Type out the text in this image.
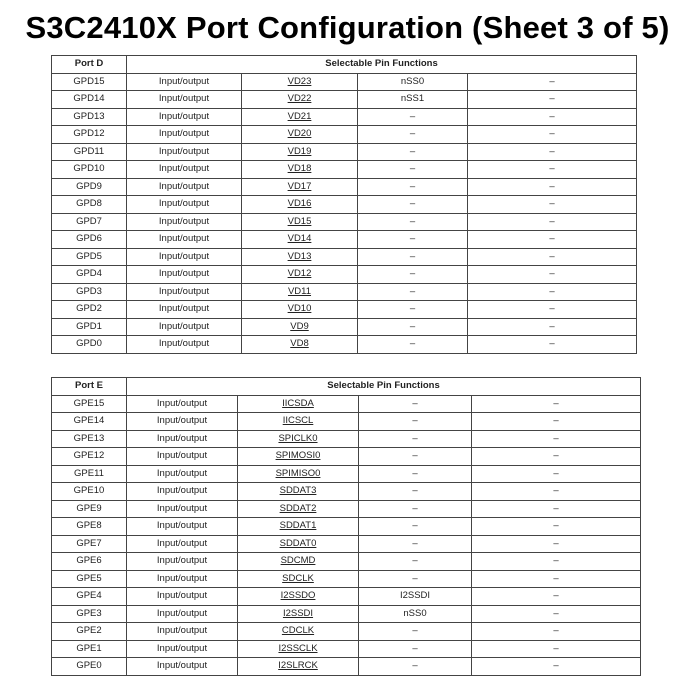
S3C2410X Port Configuration (Sheet 3 of 5)
Port D	Selectable Pin Functions			
GPD15	Input/output	VD23	nSS0	–
GPD14	Input/output	VD22	nSS1	–
GPD13	Input/output	VD21	–	–
GPD12	Input/output	VD20	–	–
GPD11	Input/output	VD19	–	–
GPD10	Input/output	VD18	–	–
GPD9	Input/output	VD17	–	–
GPD8	Input/output	VD16	–	–
GPD7	Input/output	VD15	–	–
GPD6	Input/output	VD14	–	–
GPD5	Input/output	VD13	–	–
GPD4	Input/output	VD12	–	–
GPD3	Input/output	VD11	–	–
GPD2	Input/output	VD10	–	–
GPD1	Input/output	VD9	–	–
GPD0	Input/output	VD8	–	–
Port E	Selectable Pin Functions			
GPE15	Input/output	IICSDA	–	–
GPE14	Input/output	IICSCL	–	–
GPE13	Input/output	SPICLK0	–	–
GPE12	Input/output	SPIMOSI0	–	–
GPE11	Input/output	SPIMISO0	–	–
GPE10	Input/output	SDDAT3	–	–
GPE9	Input/output	SDDAT2	–	–
GPE8	Input/output	SDDAT1	–	–
GPE7	Input/output	SDDAT0	–	–
GPE6	Input/output	SDCMD	–	–
GPE5	Input/output	SDCLK	–	–
GPE4	Input/output	I2SSDO	I2SSDI	–
GPE3	Input/output	I2SSDI	nSS0	–
GPE2	Input/output	CDCLK	–	–
GPE1	Input/output	I2SSCLK	–	–
GPE0	Input/output	I2SLRCK	–	–
